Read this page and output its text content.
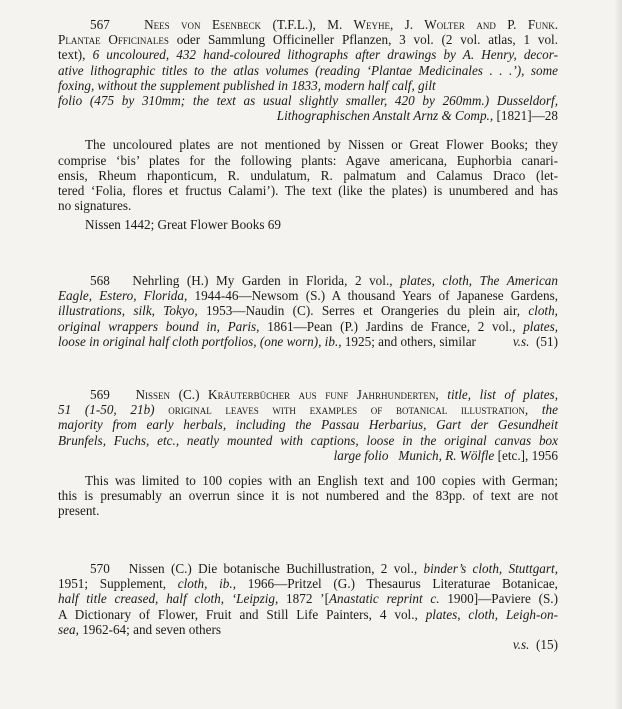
567	Nees von Esenbeck (T.F.L.), M. Weyhe, J. Wolter and P. Funk.
Plantae Officinales oder Sammlung Officineller Pflanzen, 3 vol. (2 vol. atlas, 1 vol.
text), 6 uncoloured, 432 hand-coloured lithographs after drawings by A. Henry, decor-
ative lithographic titles to the atlas volumes (reading ‘Plantae Medicinales . . .’), some
foxing, without the supplement published in 1833, modern half calf, gilt
folio (475 by 310mm; the text as usual slightly smaller, 420 by 260mm.) Dusseldorf,
Lithographischen Anstalt Arnz & Comp., [1821]—28
The uncoloured plates are not mentioned by Nissen or Great Flower Books; they
comprise ‘bis’ plates for the following plants: Agave americana, Euphorbia canari-
ensis, Rheum rhaponticum, R. undulatum, R. palmatum and Calamus Draco (let-
tered ‘Folia, flores et fructus Calami’). The text (like the plates) is unumbered and has
no signatures.
Nissen 1442; Great Flower Books 69
568 Nehrling (H.) My Garden in Florida, 2 vol., plates, cloth, The American
Eagle, Estero, Florida, 1944-46—Newsom (S.) A thousand Years of Japanese Gardens,
illustrations, silk, Tokyo, 1953—Naudin (C). Serres et Orangeries du plein air, cloth,
original wrappers bound in, Paris, 1861—Pean (P.) Jardins de France, 2 vol., plates,
loose in original half cloth portfolios, (one worn), ib., 1925; and others, similar	v.s. (51)
569 Nissen (C.) Kräuterbücher aus funf Jahrhunderten, title, list of plates,
51 (1-50, 21b) original leaves with examples of botanical illustration, the
majority from early herbals, including the Passau Herbarius, Gart der Gesundheit
Brunfels, Fuchs, etc., neatly mounted with captions, loose in the original canvas box
large folio   Munich, R. Wölfle [etc.], 1956
This was limited to 100 copies with an English text and 100 copies with German;
this is presumably an overrun since it is not numbered and the 83pp. of text are not
present.
570 Nissen (C.) Die botanische Buchillustration, 2 vol., binder’s cloth, Stuttgart,
1951; Supplement, cloth, ib., 1966—Pritzel (G.) Thesaurus Literaturae Botanicae,
half title creased, half cloth, ‘Leipzig, 1872 ’[Anastatic reprint c. 1900]—Paviere (S.)
A Dictionary of Flower, Fruit and Still Life Painters, 4 vol., plates, cloth, Leigh-on-
sea, 1962-64; and seven others
v.s. (15)
